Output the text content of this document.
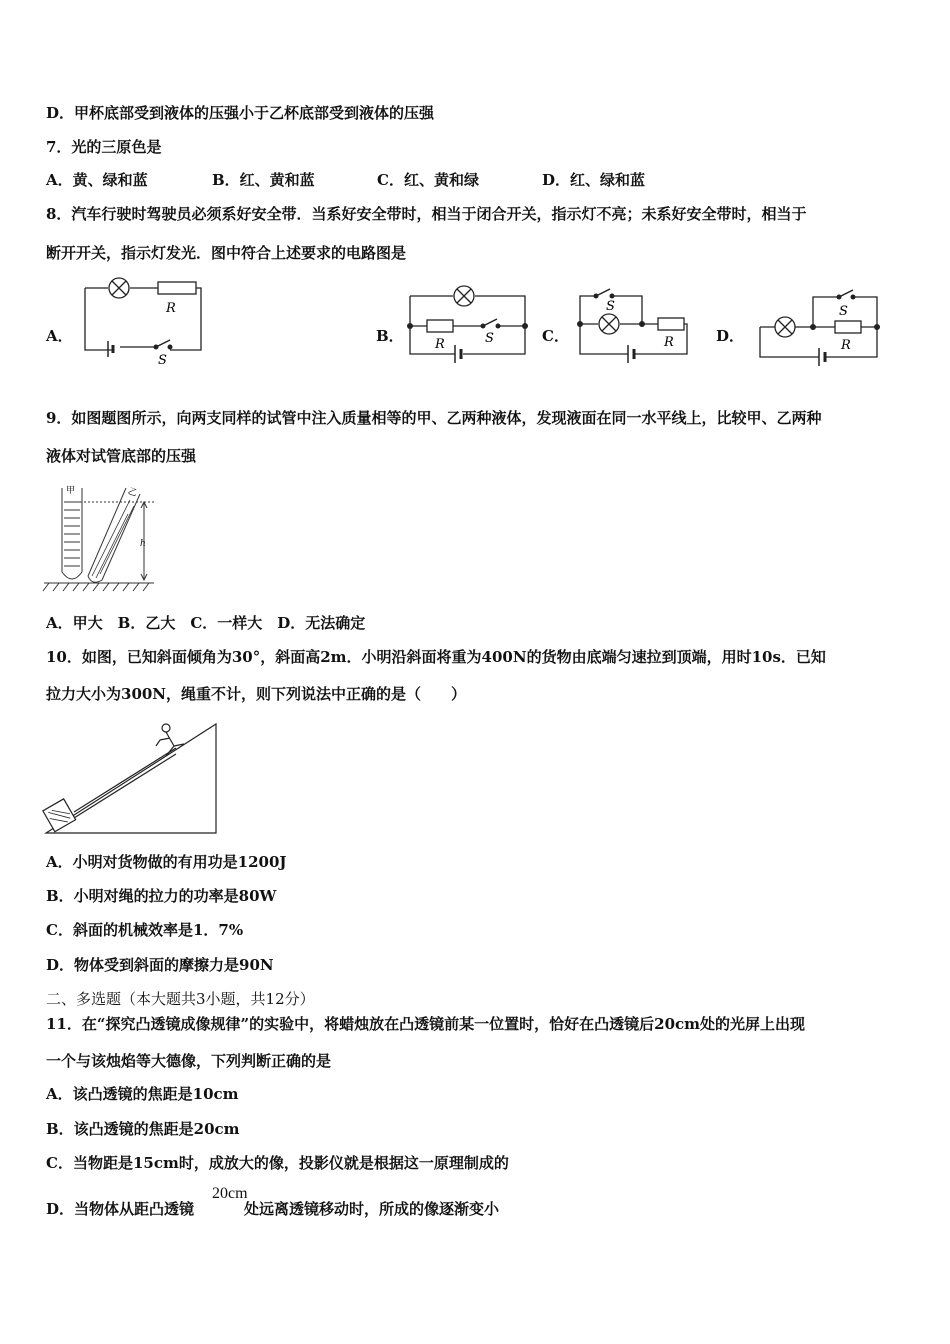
D．甲杯底部受到液体的压强小于乙杯底部受到液体的压强
7．光的三原色是
A．黄、绿和蓝	B．红、黄和蓝	C．红、黄和绿	D．红、绿和蓝
8．汽车行驶时驾驶员必须系好安全带．当系好安全带时，相当于闭合开关，指示灯不亮；未系好安全带时，相当于
断开开关，指示灯发光．图中符合上述要求的电路图是
A．
R
S
B． R	S	C．
S
R	D．
S
R
9．如图题图所示，向两支同样的试管中注入质量相等的甲、乙两种液体，发现液面在同一水平线上，比较甲、乙两种
液体对试管底部的压强
甲	乙
h
A．甲大　B．乙大　C．一样大　D．无法确定
10．如图，已知斜面倾角为30°，斜面高2m．小明沿斜面将重为400N的货物由底端匀速拉到顶端，用时10s．已知
拉力大小为300N，绳重不计，则下列说法中正确的是（　　）
A．小明对货物做的有用功是1200J
B．小明对绳的拉力的功率是80W
C．斜面的机械效率是1．7%
D．物体受到斜面的摩擦力是90N
二、多选题（本大题共3小题，共12分）
11．在“探究凸透镜成像规律”的实验中，将蜡烛放在凸透镜前某一位置时，恰好在凸透镜后20cm处的光屏上出现
一个与该烛焰等大德像，下列判断正确的是
A．该凸透镜的焦距是10cm
B．该凸透镜的焦距是20cm
C．当物距是15cm时，成放大的像，投影仪就是根据这一原理制成的
D．当物体从距凸透镜	处远离透镜移动时，所成的像逐渐变小
20cm
